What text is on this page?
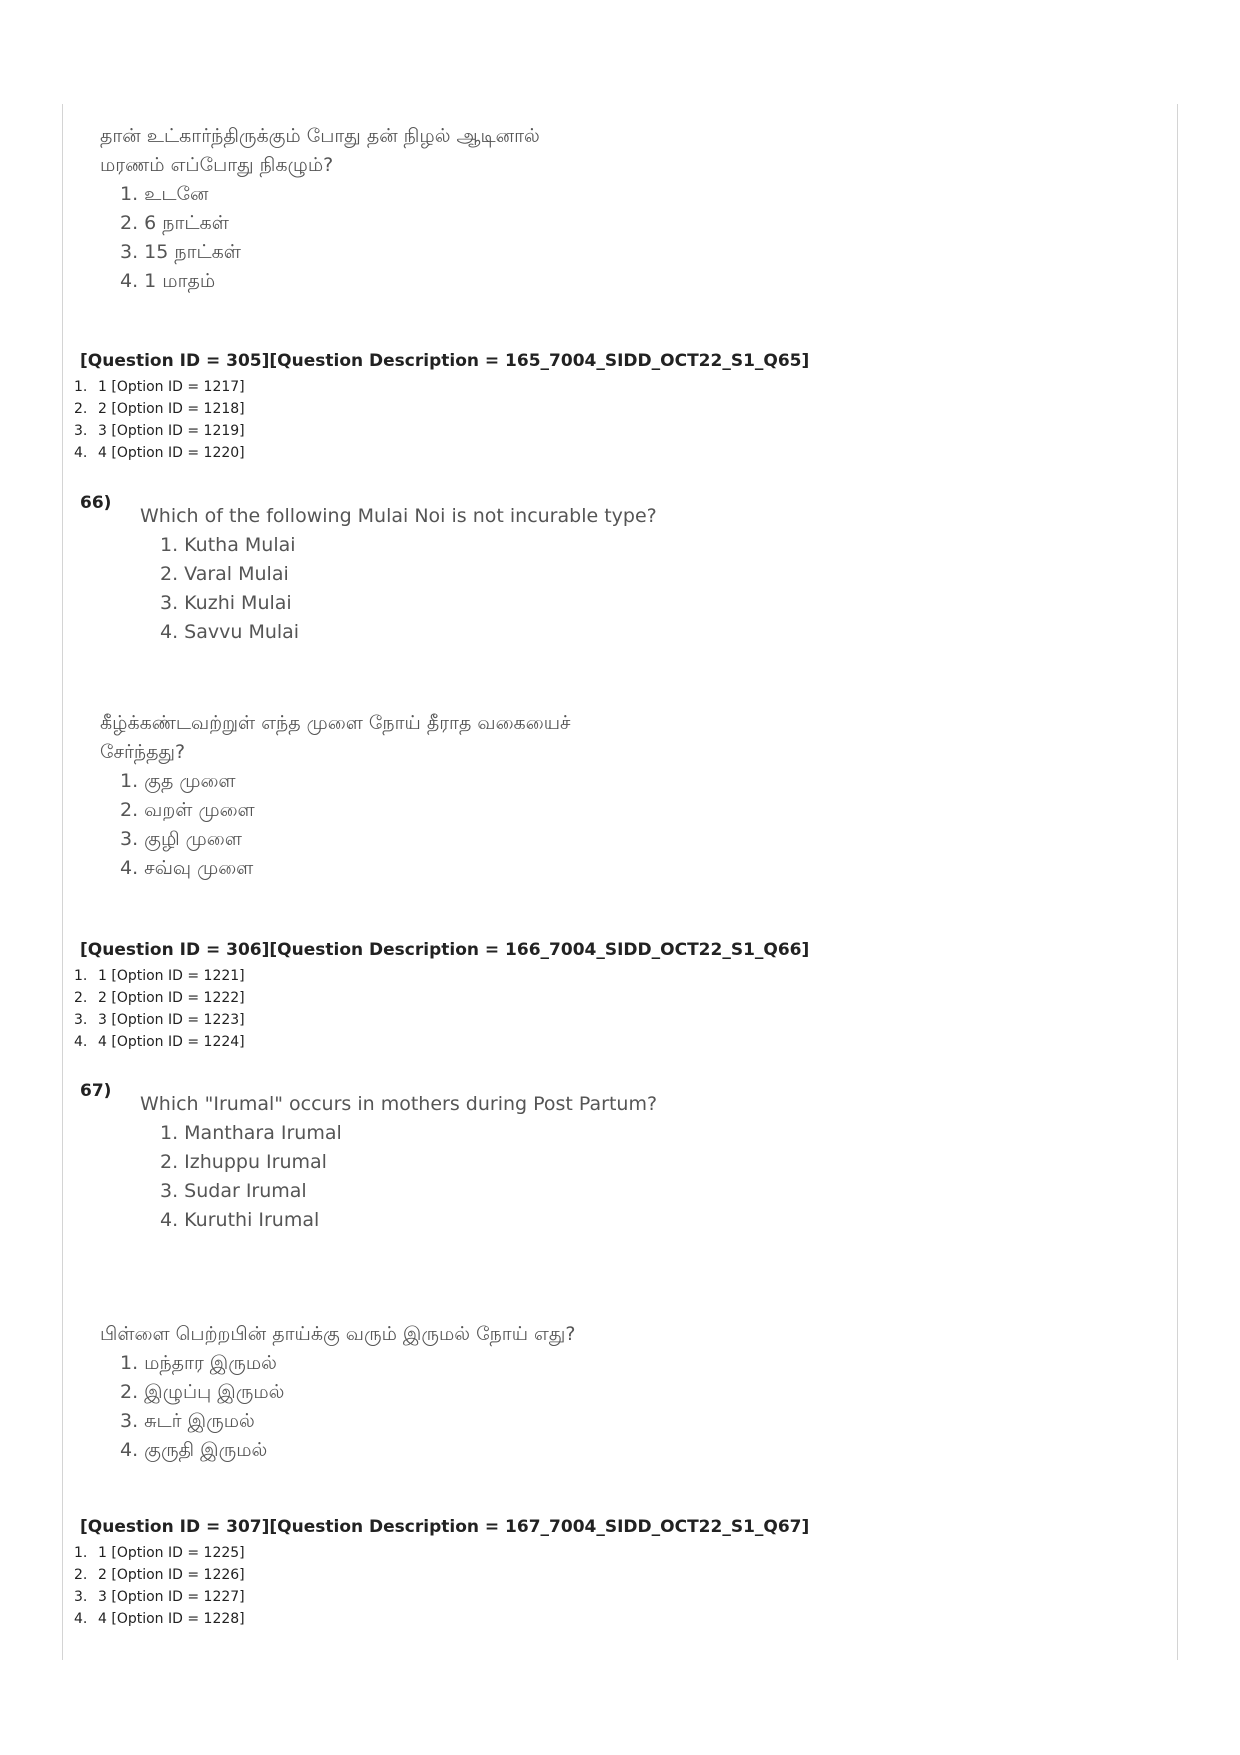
தான் உட்கார்ந்திருக்கும் போது தன் நிழல் ஆடினால்
மரணம் எப்போது நிகழும்?
1. உடனே
2. 6 நாட்கள்
3. 15 நாட்கள்
4. 1 மாதம்
[Question ID = 305][Question Description = 165_7004_SIDD_OCT22_S1_Q65]
1. 1 [Option ID = 1217]
2. 2 [Option ID = 1218]
3. 3 [Option ID = 1219]
4. 4 [Option ID = 1220]
66)
Which of the following Mulai Noi is not incurable type?
1. Kutha Mulai
2. Varal Mulai
3. Kuzhi Mulai
4. Savvu Mulai
கீழ்க்கண்டவற்றுள் எந்த முளை நோய் தீராத வகையைச்
சேர்ந்தது?
1. குத முளை
2. வறள் முளை
3. குழி முளை
4. சவ்வு முளை
[Question ID = 306][Question Description = 166_7004_SIDD_OCT22_S1_Q66]
1. 1 [Option ID = 1221]
2. 2 [Option ID = 1222]
3. 3 [Option ID = 1223]
4. 4 [Option ID = 1224]
67)
Which "Irumal" occurs in mothers during Post Partum?
1. Manthara Irumal
2. Izhuppu Irumal
3. Sudar Irumal
4. Kuruthi Irumal
பிள்ளை பெற்றபின் தாய்க்கு வரும் இருமல் நோய் எது?
1. மந்தார இருமல்
2. இழுப்பு இருமல்
3. சுடர் இருமல்
4. குருதி இருமல்
[Question ID = 307][Question Description = 167_7004_SIDD_OCT22_S1_Q67]
1. 1 [Option ID = 1225]
2. 2 [Option ID = 1226]
3. 3 [Option ID = 1227]
4. 4 [Option ID = 1228]
